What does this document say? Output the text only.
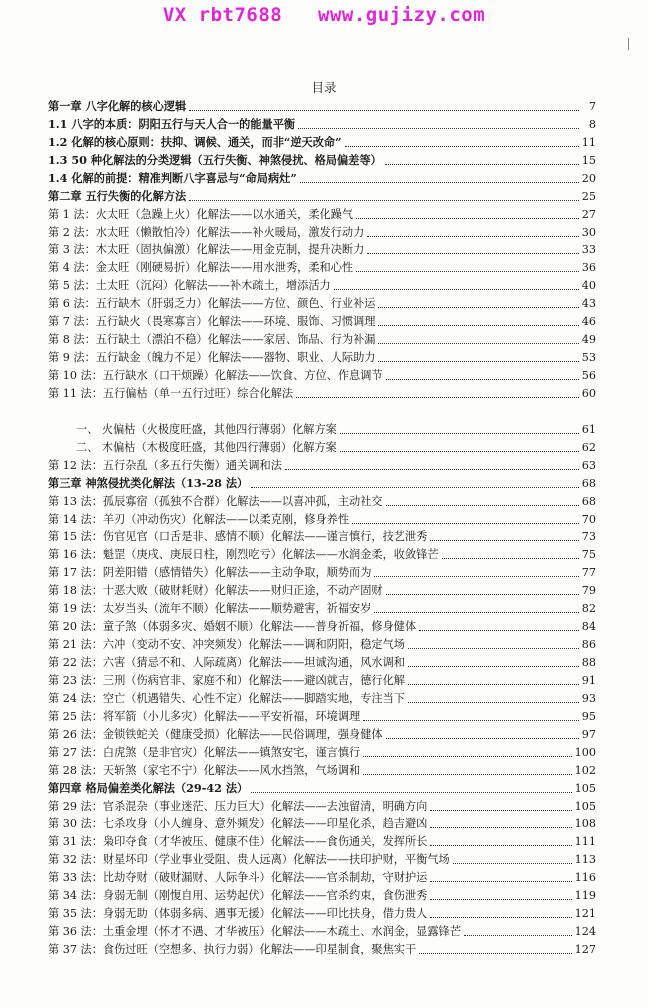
VX rbt7688   www.gujizy.com
目录
第一章 八字化解的核心逻辑	7
1.1 八字的本质：阴阳五行与天人合一的能量平衡	8
1.2 化解的核心原则：扶抑、调候、通关，而非“逆天改命”	11
1.3 50 种化解法的分类逻辑（五行失衡、神煞侵扰、格局偏差等）	15
1.4 化解的前提：精准判断八字喜忌与“命局病灶”	20
第二章 五行失衡的化解方法	25
第 1 法：火太旺（急躁上火）化解法——以水通关，柔化躁气	27
第 2 法：水太旺（懒散怕冷）化解法——补火暖局，激发行动力	30
第 3 法：木太旺（固执偏激）化解法——用金克制，提升决断力	33
第 4 法：金太旺（刚硬易折）化解法——用水泄秀，柔和心性	36
第 5 法：土太旺（沉闷）化解法——补木疏土，增添活力	40
第 6 法：五行缺木（肝弱乏力）化解法——方位、颜色、行业补运	43
第 7 法：五行缺火（畏寒寡言）化解法——环境、服饰、习惯调理	46
第 8 法：五行缺土（漂泊不稳）化解法——家居、饰品、行为补漏	49
第 9 法：五行缺金（魄力不足）化解法——器物、职业、人际助力	53
第 10 法：五行缺水（口干烦躁）化解法——饮食、方位、作息调节	56
第 11 法：五行偏枯（单一五行过旺）综合化解法	60
一、 火偏枯（火极度旺盛，其他四行薄弱）化解方案	61
二、 木偏枯（木极度旺盛，其他四行薄弱）化解方案	62
第 12 法：五行杂乱（多五行失衡）通关调和法	63
第三章 神煞侵扰类化解法（13-28 法）	68
第 13 法：孤辰寡宿（孤独不合群）化解法——以喜冲孤，主动社交	68
第 14 法：羊刃（冲动伤灾）化解法——以柔克刚，修身养性	70
第 15 法：伤官见官（口舌是非、感情不顺）化解法——谨言慎行，技艺泄秀	73
第 16 法：魁罡（庚戌、庚辰日柱，刚烈吃亏）化解法——水润金柔，收敛锋芒	75
第 17 法：阴差阳错（感情错失）化解法——主动争取，顺势而为	77
第 18 法：十恶大败（破财耗财）化解法——财归正途，不动产固财	79
第 19 法：太岁当头（流年不顺）化解法——顺势避害，祈福安岁	82
第 20 法：童子煞（体弱多灾、婚姻不顺）化解法——普身祈福，修身健体	84
第 21 法：六冲（变动不安、冲突频发）化解法——调和阴阳，稳定气场	86
第 22 法：六害（猜忌不和、人际疏离）化解法——坦诚沟通，风水调和	88
第 23 法：三刑（伤病官非、家庭不和）化解法——避凶就吉，德行化解	91
第 24 法：空亡（机遇错失、心性不定）化解法——脚踏实地，专注当下	93
第 25 法：将军箭（小儿多灾）化解法——平安祈福，环境调理	95
第 26 法：金锁铁蛇关（健康受损）化解法——民俗调理，强身健体	97
第 27 法：白虎煞（是非官灾）化解法——镇煞安宅，谨言慎行	100
第 28 法：天斩煞（家宅不宁）化解法——风水挡煞，气场调和	102
第四章 格局偏差类化解法（29-42 法）	105
第 29 法：官杀混杂（事业迷茫、压力巨大）化解法——去浊留清，明确方向	105
第 30 法：七杀攻身（小人缠身、意外频发）化解法——印星化杀，趋吉避凶	108
第 31 法：枭印夺食（才华被压、健康不佳）化解法——食伤通关，发挥所长	111
第 32 法：财星坏印（学业事业受阻、贵人远离）化解法——扶印护财，平衡气场	113
第 33 法：比劫夺财（破财漏财、人际争斗）化解法——官杀制劫，守财护运	116
第 34 法：身弱无制（刚愎自用、运势起伏）化解法——官杀约束，食伤泄秀	119
第 35 法：身弱无助（体弱多病、遇事无援）化解法——印比扶身，借力贵人	121
第 36 法：土重金埋（怀才不遇、才华被压）化解法——木疏土、水润金，显露锋芒	124
第 37 法：食伤过旺（空想多、执行力弱）化解法——印星制食，聚焦实干	127
